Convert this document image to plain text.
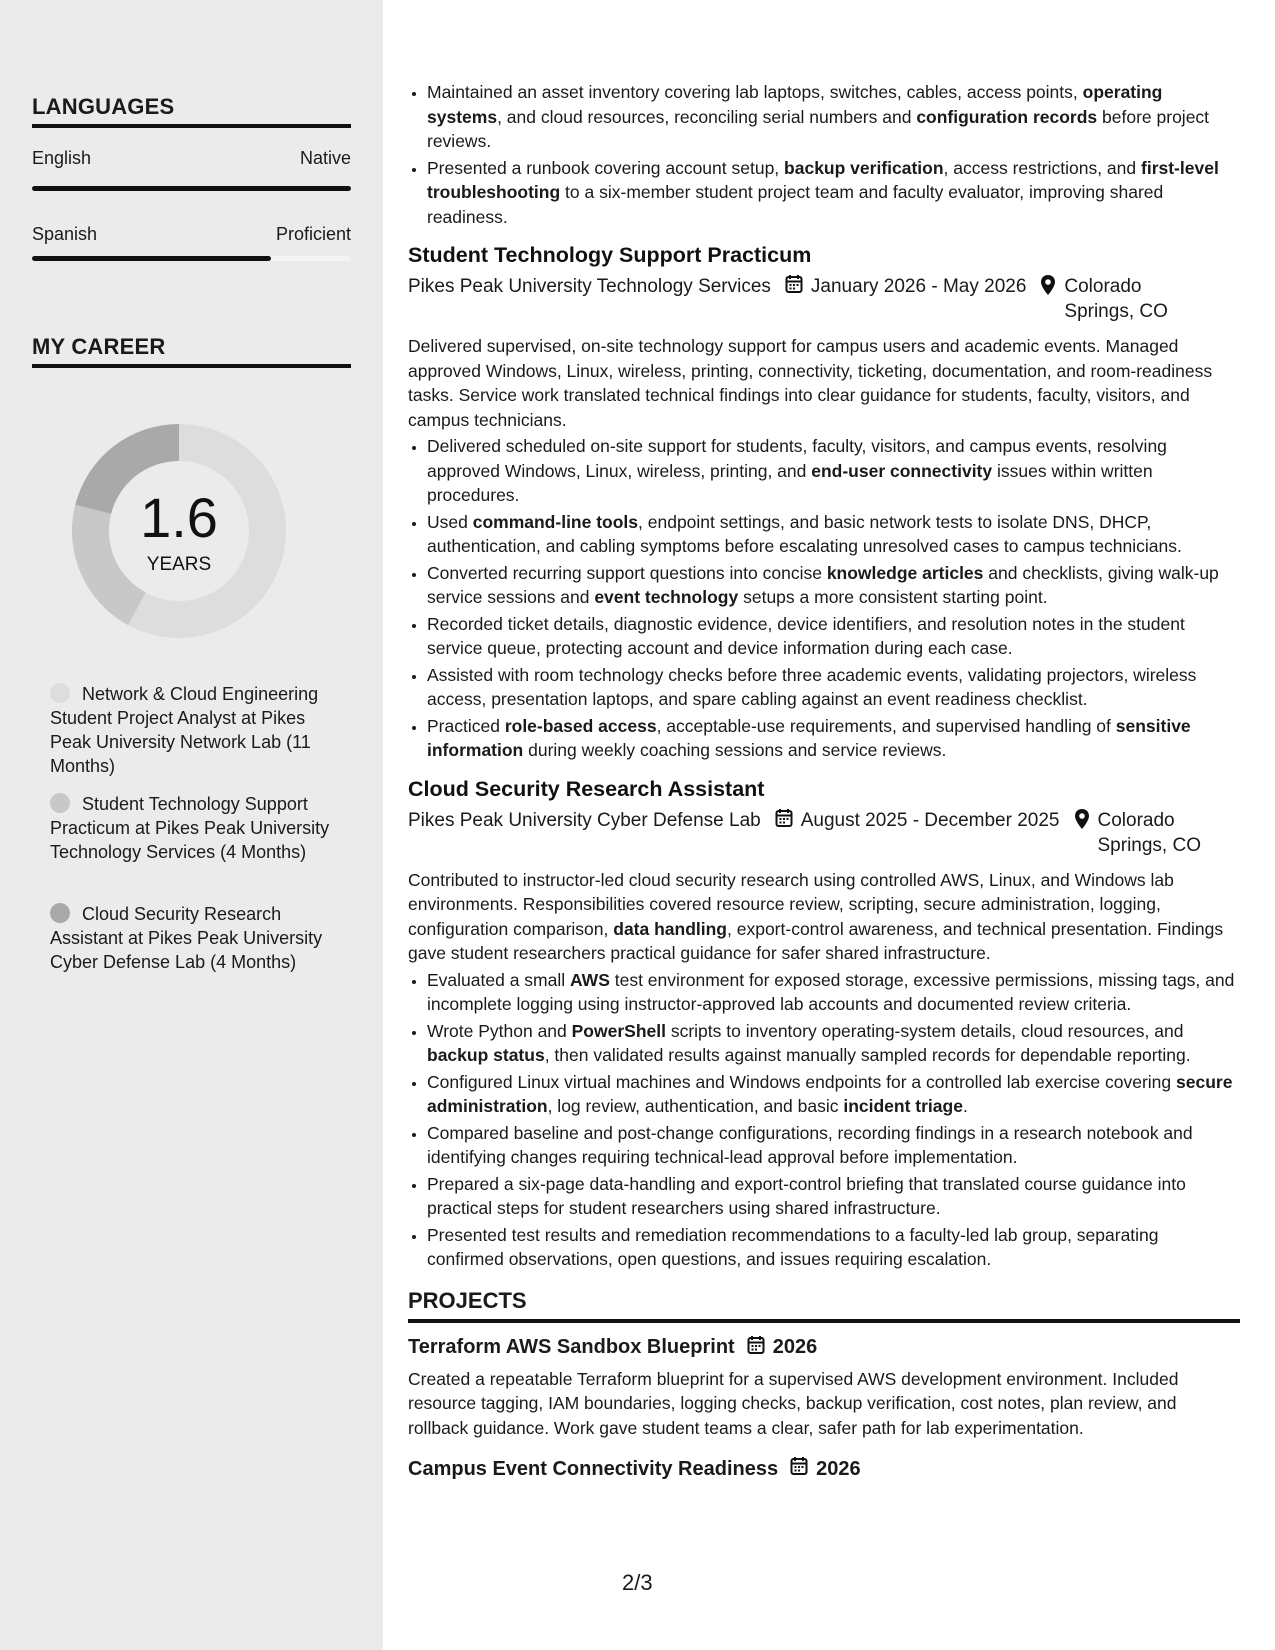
LANGUAGES
English	Native
Spanish	Proficient
MY CAREER
1.6
YEARS
Network & Cloud Engineering Student Project Analyst at Pikes Peak University Network Lab (11 Months)
Student Technology Support Practicum at Pikes Peak University Technology Services (4 Months)
Cloud Security Research Assistant at Pikes Peak University Cyber Defense Lab (4 Months)
• Maintained an asset inventory covering lab laptops, switches, cables, access points, operating systems, and cloud resources, reconciling serial numbers and configuration records before project reviews.
• Presented a runbook covering account setup, backup verification, access restrictions, and first-level troubleshooting to a six-member student project team and faculty evaluator, improving shared readiness.
Student Technology Support Practicum
Pikes Peak University Technology Services January 2026 - May 2026 Colorado Springs, CO
Delivered supervised, on-site technology support for campus users and academic events. Managed approved Windows, Linux, wireless, printing, connectivity, ticketing, documentation, and room-readiness tasks. Service work translated technical findings into clear guidance for students, faculty, visitors, and campus technicians.
• Delivered scheduled on-site support for students, faculty, visitors, and campus events, resolving approved Windows, Linux, wireless, printing, and end-user connectivity issues within written procedures.
• Used command-line tools, endpoint settings, and basic network tests to isolate DNS, DHCP, authentication, and cabling symptoms before escalating unresolved cases to campus technicians.
• Converted recurring support questions into concise knowledge articles and checklists, giving walk-up service sessions and event technology setups a more consistent starting point.
• Recorded ticket details, diagnostic evidence, device identifiers, and resolution notes in the student service queue, protecting account and device information during each case.
• Assisted with room technology checks before three academic events, validating projectors, wireless access, presentation laptops, and spare cabling against an event readiness checklist.
• Practiced role-based access, acceptable-use requirements, and supervised handling of sensitive information during weekly coaching sessions and service reviews.
Cloud Security Research Assistant
Pikes Peak University Cyber Defense Lab August 2025 - December 2025 Colorado Springs, CO
Contributed to instructor-led cloud security research using controlled AWS, Linux, and Windows lab environments. Responsibilities covered resource review, scripting, secure administration, logging, configuration comparison, data handling, export-control awareness, and technical presentation. Findings gave student researchers practical guidance for safer shared infrastructure.
• Evaluated a small AWS test environment for exposed storage, excessive permissions, missing tags, and incomplete logging using instructor-approved lab accounts and documented review criteria.
• Wrote Python and PowerShell scripts to inventory operating-system details, cloud resources, and backup status, then validated results against manually sampled records for dependable reporting.
• Configured Linux virtual machines and Windows endpoints for a controlled lab exercise covering secure administration, log review, authentication, and basic incident triage.
• Compared baseline and post-change configurations, recording findings in a research notebook and identifying changes requiring technical-lead approval before implementation.
• Prepared a six-page data-handling and export-control briefing that translated course guidance into practical steps for student researchers using shared infrastructure.
• Presented test results and remediation recommendations to a faculty-led lab group, separating confirmed observations, open questions, and issues requiring escalation.
PROJECTS
Terraform AWS Sandbox Blueprint 2026
Created a repeatable Terraform blueprint for a supervised AWS development environment. Included resource tagging, IAM boundaries, logging checks, backup verification, cost notes, plan review, and rollback guidance. Work gave student teams a clear, safer path for lab experimentation.
Campus Event Connectivity Readiness 2026
2/3
